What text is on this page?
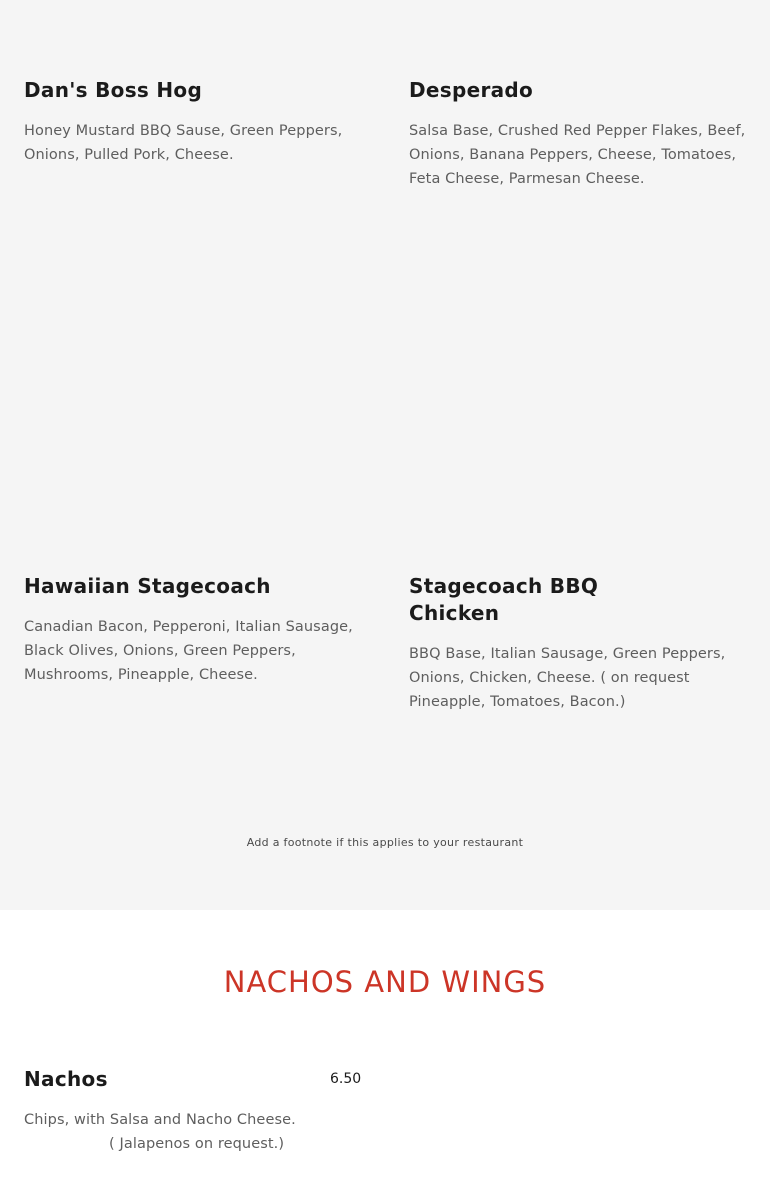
Dan's Boss Hog

Honey Mustard BBQ Sause, Green Peppers, Onions, Pulled Pork, Cheese.

Desperado

Salsa Base, Crushed Red Pepper Flakes, Beef, Onions, Banana Peppers, Cheese, Tomatoes, Feta Cheese, Parmesan Cheese.

Hawaiian Stagecoach

Canadian Bacon, Pepperoni, Italian Sausage, Black Olives, Onions, Green Peppers, Mushrooms, Pineapple, Cheese.

Stagecoach BBQ Chicken

BBQ Base, Italian Sausage, Green Peppers, Onions, Chicken, Cheese. ( on request Pineapple, Tomatoes, Bacon.)

Add a footnote if this applies to your restaurant
NACHOS AND WINGS
Nachos

Chips, with Salsa and Nacho Cheese.
( Jalapenos on request.)

6.50
